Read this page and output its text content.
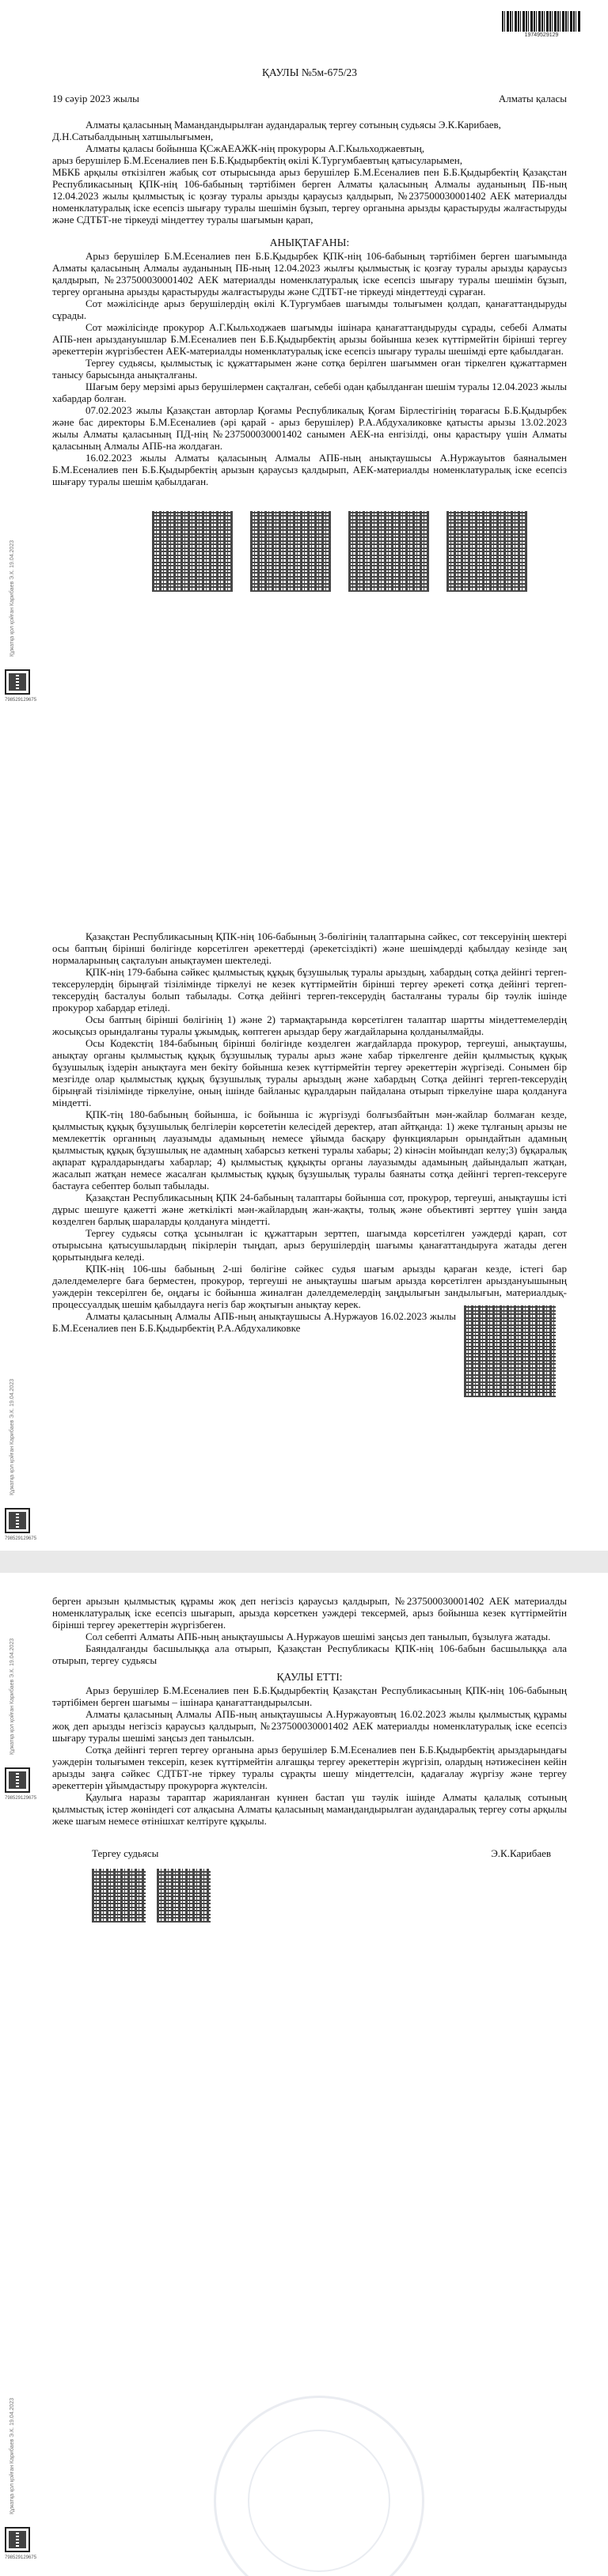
19749529129
Құжатқа қол қойған Карибаев Э.К. 19.04.2023
798529129675
Құжатқа қол қойған Карибаев Э.К. 19.04.2023
798529129675
ҚАУЛЫ №5м-675/23
19 сәуір 2023 жылы	Алматы қаласы

Алматы қаласының Мамандандырылған аудандаралық тергеу сотының судьясы Э.К.Карибаев,

Д.Н.Сатыбалдының хатшылығымен,

Алматы қаласы бойынша ҚСжАЕАЖК-нің прокуроры А.Г.Кыльходжаевтың,

арыз берушілер Б.М.Есеналиев пен Б.Б.Қыдырбектің өкілі К.Тургумбаевтың қатысуларымен,

МБКБ арқылы өткізілген жабық сот отырысында арыз берушілер Б.М.Есеналиев пен Б.Б.Қыдырбектің Қазақстан Республикасының ҚПК-нің 106-бабының тәртібімен берген Алматы қаласының Алмалы ауданының ПБ-ның 12.04.2023 жылы қылмыстық іс қозғау туралы арызды қараусыз қалдырып, №237500030001402 АЕК материалды номенклатуралық іске есепсіз шығару туралы шешімін бұзып, тергеу органына арызды қарастыруды жалғастыруды және СДТБТ-не тіркеуді міндеттеу туралы шағымын қарап,

АНЫҚТАҒАНЫ:

Арыз берушілер Б.М.Есеналиев пен Б.Б.Қыдырбек ҚПК-нің 106-бабының тәртібімен берген шағымында Алматы қаласының Алмалы ауданының ПБ-ның 12.04.2023 жылғы қылмыстық іс қозғау туралы арызды қараусыз қалдырып, №237500030001402 АЕК материалды номенклатуралық іске есепсіз шығару туралы шешімін бұзып, тергеу органына арызды қарастыруды жалғастыруды және СДТБТ-не тіркеуді міндеттеуді сұраған.

Сот мәжілісінде арыз берушілердің өкілі К.Тургумбаев шағымды толығымен қолдап, қанағаттандыруды сұрады.

Сот мәжілісінде прокурор А.Г.Кыльходжаев шағымды ішінара қанағаттандыруды сұрады, себебі Алматы АПБ-нен арыздануышлар Б.М.Есеналиев пен Б.Б.Қыдырбектің арызы бойынша кезек күттірмейтін бірінші тергеу әрекеттерін жүргізбестен АЕК-материалды номенклатуралық іске есепсіз шығару туралы шешімді ерте қабылдаған.

Тергеу судьясы, қылмыстық іс құжаттарымен және сотқа берілген шағыммен оған тіркелген құжаттармен танысу барысында анықталғаны.

Шағым беру мерзімі арыз берушілермен сақталған, себебі одан қабылданған шешім туралы 12.04.2023 жылы хабардар болған.

07.02.2023 жылы Қазақстан авторлар Қоғамы Республикалық Қоғам Бірлестігінің төрағасы Б.Б.Қыдырбек және бас директоры Б.М.Есеналиев (әрі қарай - арыз берушілер) Р.А.Абдухаликовке қатысты арызы 13.02.2023 жылы Алматы қаласының ПД-нің №237500030001402 санымен АЕК-на енгізілді, оны қарастыру үшін Алматы қаласының Алмалы АПБ-на жолдаған.

16.02.2023 жылы Алматы қаласының Алмалы АПБ-ның анықтаушысы А.Нуржауытов баяналымен Б.М.Есеналиев пен Б.Б.Қыдырбектің арызын қараусыз қалдырып, АЕК-материалды номенклатуралық іске есепсіз шығару туралы шешім қабылдаған.

Қазақстан Республикасының ҚПК-нің 106-бабының 3-бөлігінің талаптарына сәйкес, сот тексеруінің шектері осы баптың бірінші бөлігінде көрсетілген әрекеттерді (әрекетсіздікті) және шешімдерді қабылдау кезінде заң нормаларының сақталуын анықтаумен шектеледі.

ҚПК-нің 179-бабына сәйкес қылмыстық құқық бұзушылық туралы арыздың, хабардың сотқа дейінгі тергеп-тексерулердің бірыңғай тізілімінде тіркелуі не кезек күттірмейтін бірінші тергеу әрекеті сотқа дейінгі тергеп-тексерудің басталуы болып табылады. Сотқа дейінгі тергеп-тексерудің басталғаны туралы бір тәулік ішінде прокурор хабардар етіледі.

Осы баптың бірінші бөлігінің 1) және 2) тармақтарында көрсетілген талаптар шартты міндеттемелердің жосықсыз орындалғаны туралы ұжымдық, көптеген арыздар беру жағдайларына қолданылмайды.

Осы Кодекстің 184-бабының бірінші бөлігінде көзделген жағдайларда прокурор, тергеуші, анықтаушы, анықтау органы қылмыстық құқық бұзушылық туралы арыз және хабар тіркелгенге дейін қылмыстық құқық бұзушылық іздерін анықтауға мен бекіту бойынша кезек күттірмейтін тергеу әрекеттерін жүргізеді. Сонымен бір мезгілде олар қылмыстық құқық бұзушылық туралы арыздың және хабардың Сотқа дейінгі тергеп-тексерудің бірыңғай тізілімінде тіркелуіне, оның ішінде байланыс құралдарын пайдалана отырып тіркелуіне шара қолдануға міндетті.

ҚПК-тің 180-бабының бойынша, іс бойынша іс жүргізуді болғызбайтын мән-жайлар болмаған кезде, қылмыстық құқық бұзушылық белгілерін көрсететін келесідей деректер, атап айтқанда: 1) жеке тұлғаның арызы не мемлекеттік органның лауазымды адамының немесе ұйымда басқару функцияларын орындайтын адамның қылмыстық құқық бұзушылық не адамның хабарсыз кеткені туралы хабары; 2) кінәсін мойындап келу;3) бұқаралық ақпарат құралдарындағы хабарлар; 4) қылмыстық құқықты органы лауазымды адамының дайындалып жатқан, жасалып жатқан немесе жасалған қылмыстық құқық бұзушылық туралы баянаты сотқа дейінгі тергеп-тексеруге бастауға себептер болып табылады.

Қазақстан Республикасының ҚПК 24-бабының талаптары бойынша сот, прокурор, тергеуші, анықтаушы істі дұрыс шешуге қажетті және жеткілікті мән-жайлардың жан-жақты, толық және объективті зерттеу үшін заңда көзделген барлық шараларды қолдануға міндетті.

Тергеу судьясы сотқа ұсынылған іс құжаттарын зерттеп, шағымда көрсетілген уәждерді қарап, сот отырысына қатысушылардың пікірлерін тыңдап, арыз берушілердің шағымы қанағаттандыруға жатады деген қорытындыға келеді.

ҚПК-нің 106-шы бабының 2-ші бөлігіне сәйкес судья шағым арызды қараған кезде, істегі бар дәлелдемелерге баға берместен, прокурор, тергеуші не анықтаушы шағым арызда көрсетілген арыздануышының уәждерін тексерілген бе, оңдағы іс бойынша жиналған дәлелдемелердің заңдылығын зандылығын, материалдық-процессуалдық шешім қабылдауға негіз бар жоқтығын анықтау керек.

Алматы қаласының Алмалы АПБ-ның анықтаушысы А.Нуржауов 16.02.2023 жылы Б.М.Есеналиев пен Б.Б.Қыдырбектің Р.А.Абдухаликовке

Құжатқа қол қойған Карибаев Э.К. 19.04.2023
798529129675
Құжатқа қол қойған Карибаев Э.К. 19.04.2023
798529129675

берген арызын қылмыстық құрамы жоқ деп негізсіз қараусыз қалдырып, №237500030001402 АЕК материалды номенклатуралық іске есепсіз шығарып, арызда көрсеткен уәждері тексермей, арыз бойынша кезек күттірмейтін бірінші тергеу әрекеттерін жүргізбеген.

Сол себепті Алматы АПБ-ның анықтаушысы А.Нуржауов шешімі заңсыз деп танылып, бұзылуға жатады.

Баяндалғанды басшылыққа ала отырып, Қазақстан Республикасы ҚПК-нің 106-бабын басшылыққа ала отырып, тергеу судьясы

ҚАУЛЫ ЕТТІ:

Арыз берушілер Б.М.Есеналиев пен Б.Б.Қыдырбектің Қазақстан Республикасының ҚПК-нің 106-бабының тәртібімен берген шағымы – ішінара қанағаттандырылсын.

Алматы қаласының Алмалы АПБ-ның анықтаушысы А.Нуржауовтың 16.02.2023 жылы қылмыстық құрамы жоқ деп арызды негізсіз қараусыз қалдырып, №237500030001402 АЕК материалды номенклатуралық іске есепсіз шығару туралы шешімі заңсыз деп танылсын.

Сотқа дейінгі тергеп тергеу органына арыз берушілер Б.М.Есеналиев пен Б.Б.Қыдырбектің арыздарындағы уәждерін толығымен тексеріп, кезек күттірмейтін алғашқы тергеу әрекеттерін жүргізіп, олардың нәтижесінен кейін арызды заңға сәйкес СДТБТ-не тіркеу туралы сұрақты шешу міндеттелсін, қадағалау жүргізу және тергеу әрекеттерін ұйымдастыру прокурорға жүктелсін.

Қаулыға наразы тараптар жарияланған күннен бастап үш тәулік ішінде Алматы қалалық сотының қылмыстық істер жөніндегі сот алқасына Алматы қаласының мамандандырылған аудандаралық тергеу соты арқылы жеке шағым немесе өтінішхат келтіруге құқылы.

Тергеу судьясы	Э.К.Карибаев
